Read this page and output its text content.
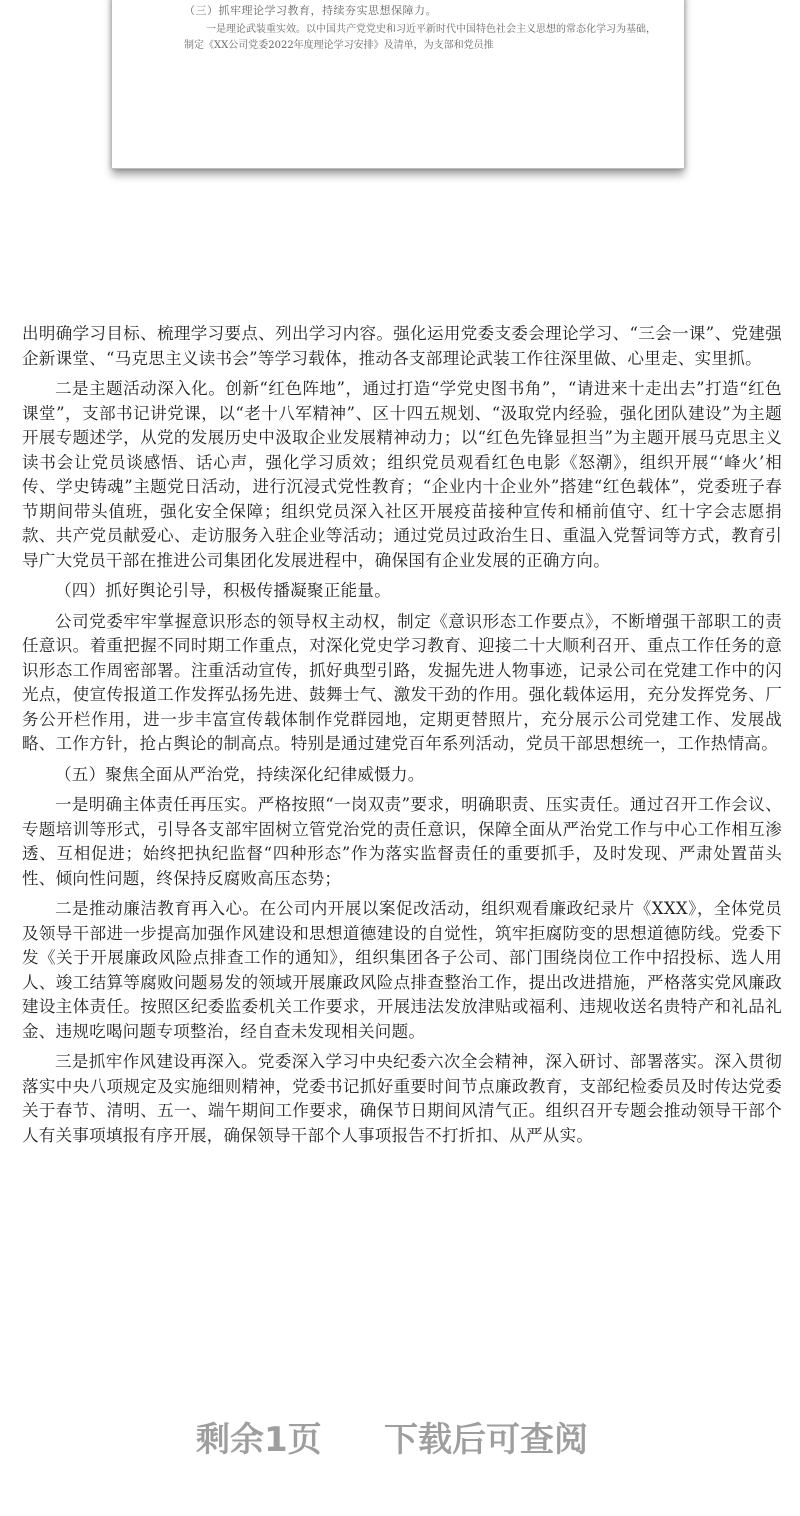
（三）抓牢理论学习教育，持续夯实思想保障力。

一是理论武装重实效。以中国共产党党史和习近平新时代中国特色社会主义思想的常态化学习为基础，制定《XX公司党委2022年度理论学习安排》及清单，为支部和党员推

出明确学习目标、梳理学习要点、列出学习内容。强化运用党委支委会理论学习、“三会一课”、党建强企新课堂、“马克思主义读书会”等学习载体，推动各支部理论武装工作往深里做、心里走、实里抓。

二是主题活动深入化。创新“红色阵地”，通过打造“学党史图书角”，“请进来十走出去”打造“红色课堂”，支部书记讲党课，以“老十八军精神”、区十四五规划、“汲取党内经验，强化团队建设”为主题开展专题述学，从党的发展历史中汲取企业发展精神动力；以“红色先锋显担当”为主题开展马克思主义读书会让党员谈感悟、话心声，强化学习质效；组织党员观看红色电影《怒潮》，组织开展“‘峰火’相传、学史铸魂”主题党日活动，进行沉浸式党性教育；“企业内十企业外”搭建“红色载体”，党委班子春节期间带头值班，强化安全保障；组织党员深入社区开展疫苗接种宣传和桶前值守、红十字会志愿捐款、共产党员献爱心、走访服务入驻企业等活动；通过党员过政治生日、重温入党誓词等方式，教育引导广大党员干部在推进公司集团化发展进程中，确保国有企业发展的正确方向。

（四）抓好舆论引导，积极传播凝聚正能量。

公司党委牢牢掌握意识形态的领导权主动权，制定《意识形态工作要点》，不断增强干部职工的责任意识。着重把握不同时期工作重点，对深化党史学习教育、迎接二十大顺利召开、重点工作任务的意识形态工作周密部署。注重活动宣传，抓好典型引路，发掘先进人物事迹，记录公司在党建工作中的闪光点，使宣传报道工作发挥弘扬先进、鼓舞士气、激发干劲的作用。强化载体运用，充分发挥党务、厂务公开栏作用，进一步丰富宣传载体制作党群园地，定期更替照片，充分展示公司党建工作、发展战略、工作方针，抢占舆论的制高点。特别是通过建党百年系列活动，党员干部思想统一，工作热情高。

（五）聚焦全面从严治党，持续深化纪律威慑力。

一是明确主体责任再压实。严格按照“一岗双责”要求，明确职责、压实责任。通过召开工作会议、专题培训等形式，引导各支部牢固树立管党治党的责任意识，保障全面从严治党工作与中心工作相互渗透、互相促进；始终把执纪监督“四种形态”作为落实监督责任的重要抓手，及时发现、严肃处置苗头性、倾向性问题，终保持反腐败高压态势；

二是推动廉洁教育再入心。在公司内开展以案促改活动，组织观看廉政纪录片《XXX》，全体党员及领导干部进一步提高加强作风建设和思想道德建设的自觉性，筑牢拒腐防变的思想道德防线。党委下发《关于开展廉政风险点排查工作的通知》，组织集团各子公司、部门围绕岗位工作中招投标、选人用人、竣工结算等腐败问题易发的领域开展廉政风险点排查整治工作，提出改进措施，严格落实党风廉政建设主体责任。按照区纪委监委机关工作要求，开展违法发放津贴或福利、违规收送名贵特产和礼品礼金、违规吃喝问题专项整治，经自查未发现相关问题。

三是抓牢作风建设再深入。党委深入学习中央纪委六次全会精神，深入研讨、部署落实。深入贯彻落实中央八项规定及实施细则精神，党委书记抓好重要时间节点廉政教育，支部纪检委员及时传达党委关于春节、清明、五一、端午期间工作要求，确保节日期间风清气正。组织召开专题会推动领导干部个人有关事项填报有序开展，确保领导干部个人事项报告不打折扣、从严从实。

剩余1页 下载后可查阅
